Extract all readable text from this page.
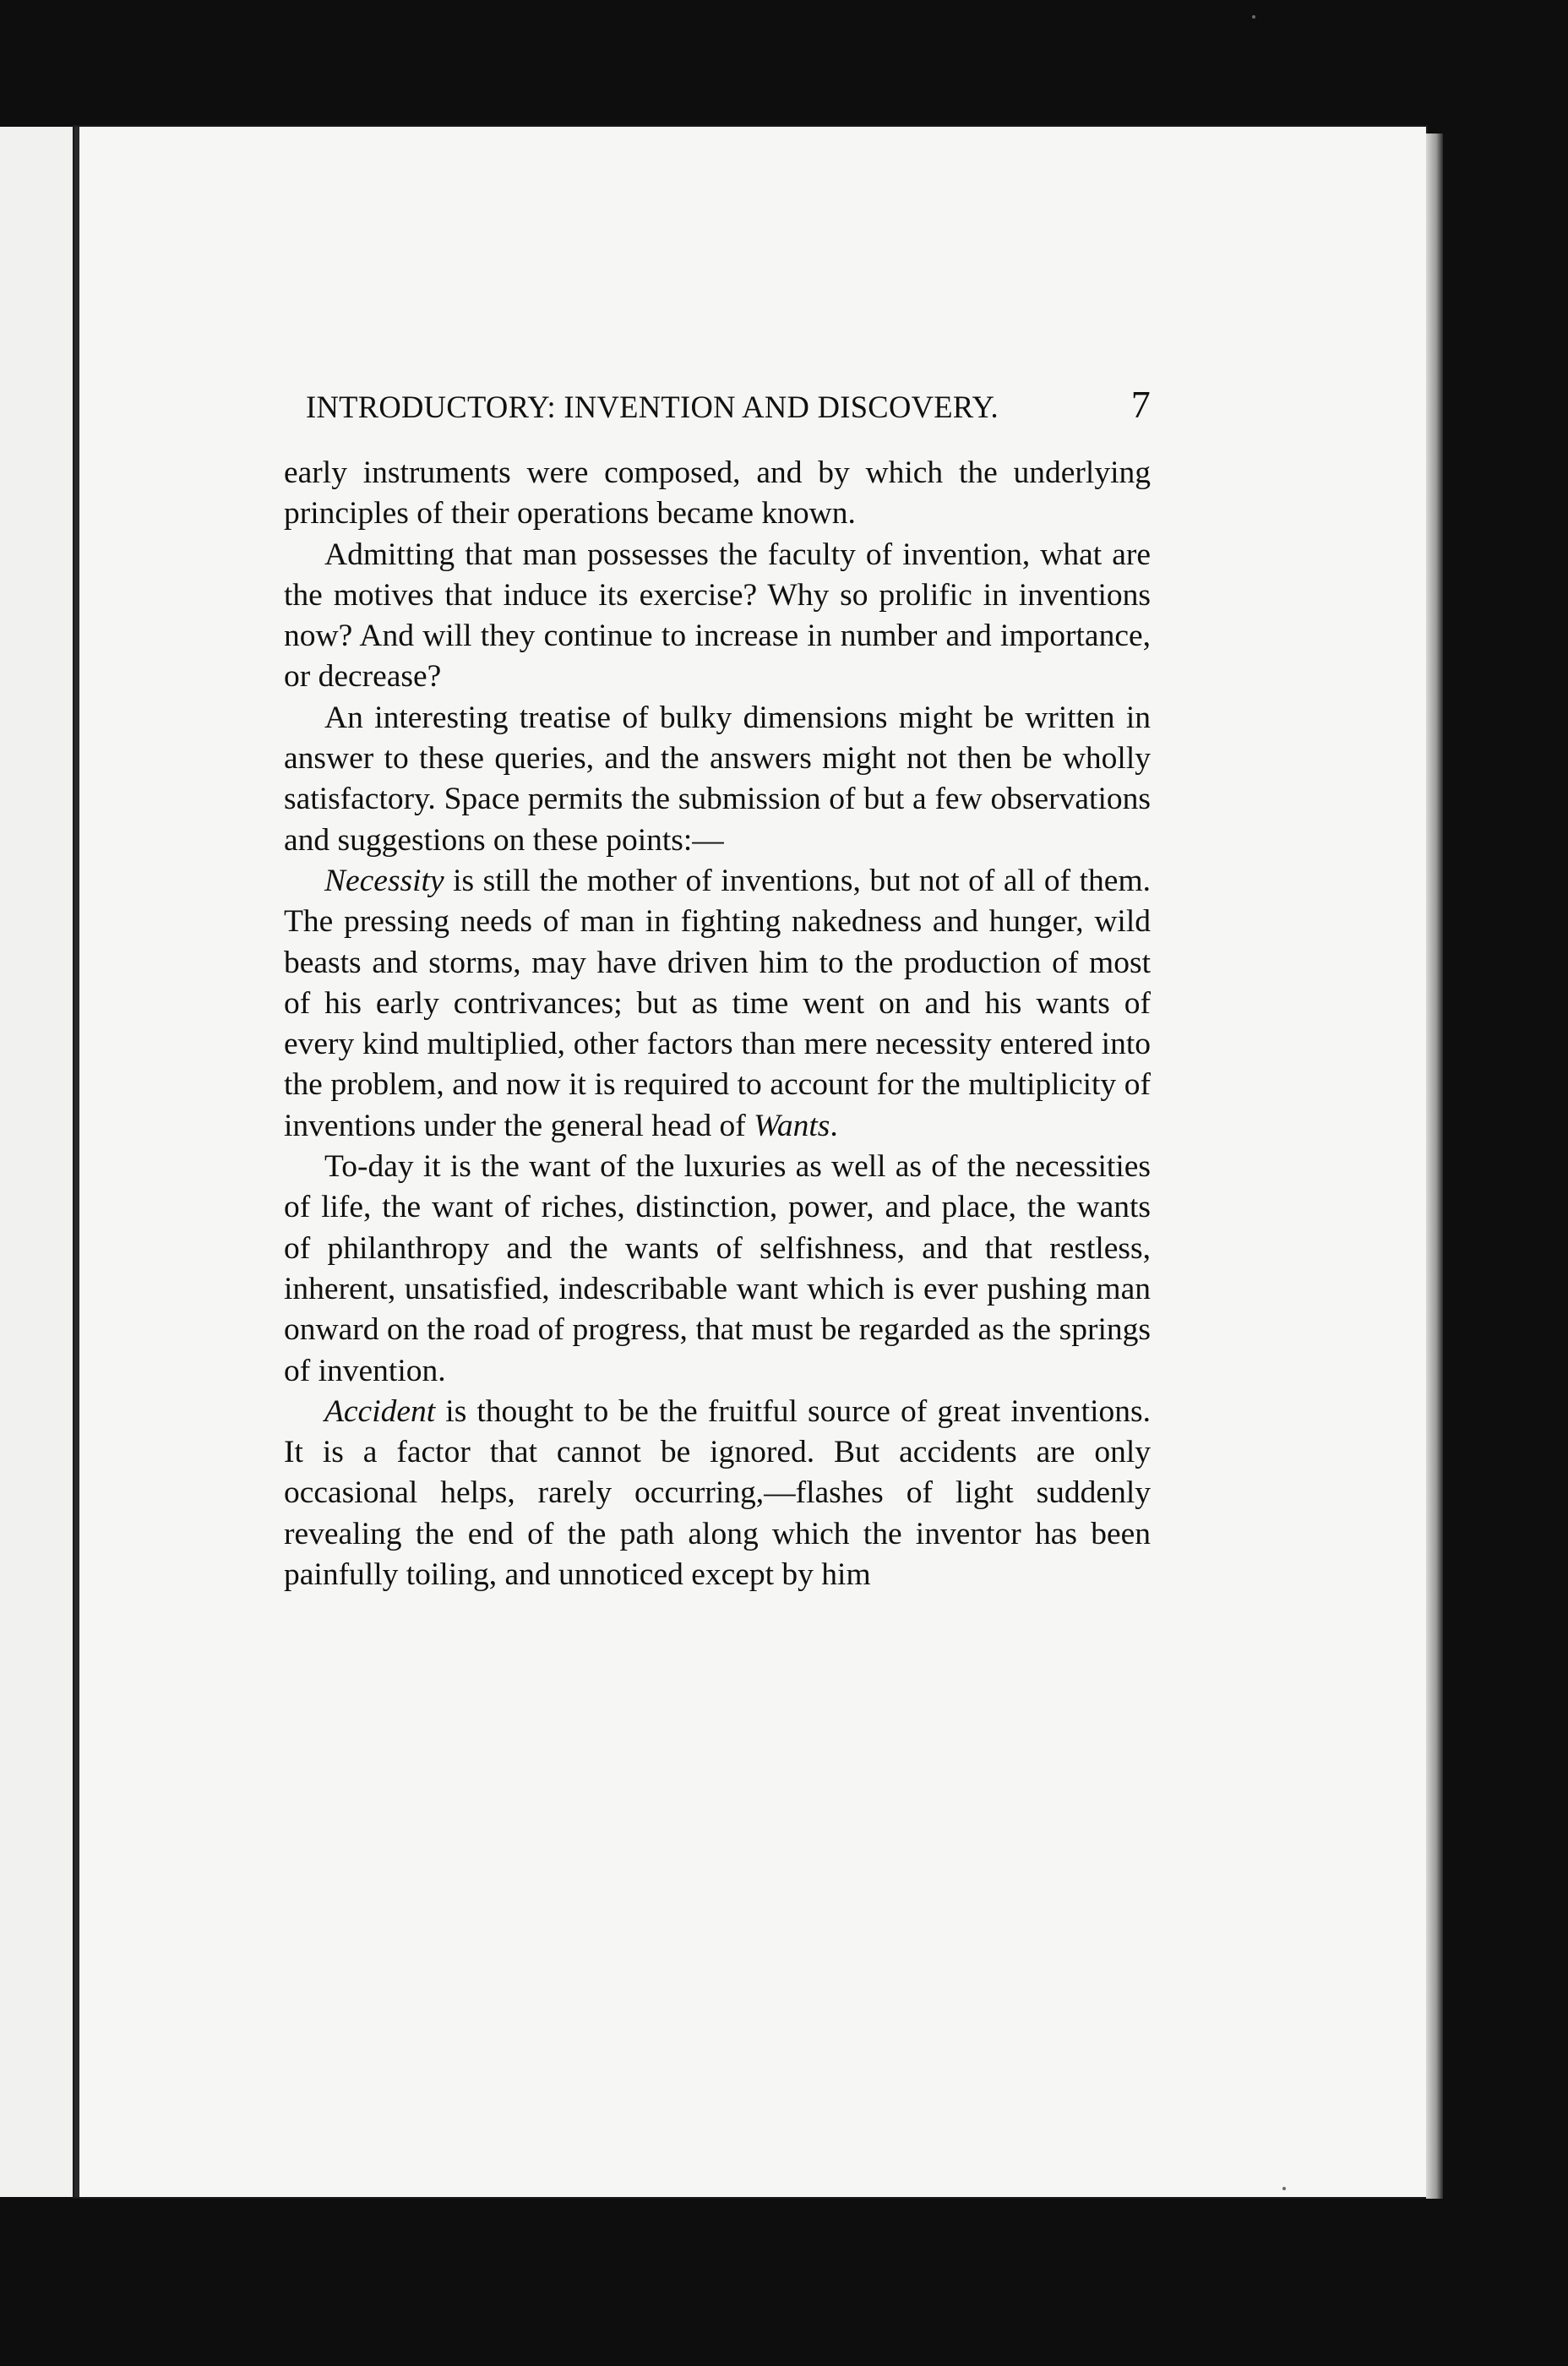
INTRODUCTORY: INVENTION AND DISCOVERY.	7

early instruments were composed, and by which the underlying principles of their operations became known.

Admitting that man possesses the faculty of invention, what are the motives that induce its exercise? Why so prolific in inventions now? And will they continue to increase in number and importance, or decrease?

An interesting treatise of bulky dimensions might be written in answer to these queries, and the answers might not then be wholly satisfactory. Space permits the submission of but a few observations and suggestions on these points:—

Necessity is still the mother of inventions, but not of all of them. The pressing needs of man in fighting nakedness and hunger, wild beasts and storms, may have driven him to the production of most of his early contrivances; but as time went on and his wants of every kind multiplied, other factors than mere necessity entered into the problem, and now it is required to account for the multiplicity of inventions under the general head of Wants.

To-day it is the want of the luxuries as well as of the necessities of life, the want of riches, distinction, power, and place, the wants of philanthropy and the wants of selfishness, and that restless, inherent, unsatisfied, indescribable want which is ever pushing man onward on the road of progress, that must be regarded as the springs of invention.

Accident is thought to be the fruitful source of great inventions. It is a factor that cannot be ignored. But accidents are only occasional helps, rarely occurring,—flashes of light suddenly revealing the end of the path along which the inventor has been painfully toiling, and unnoticed except by him
